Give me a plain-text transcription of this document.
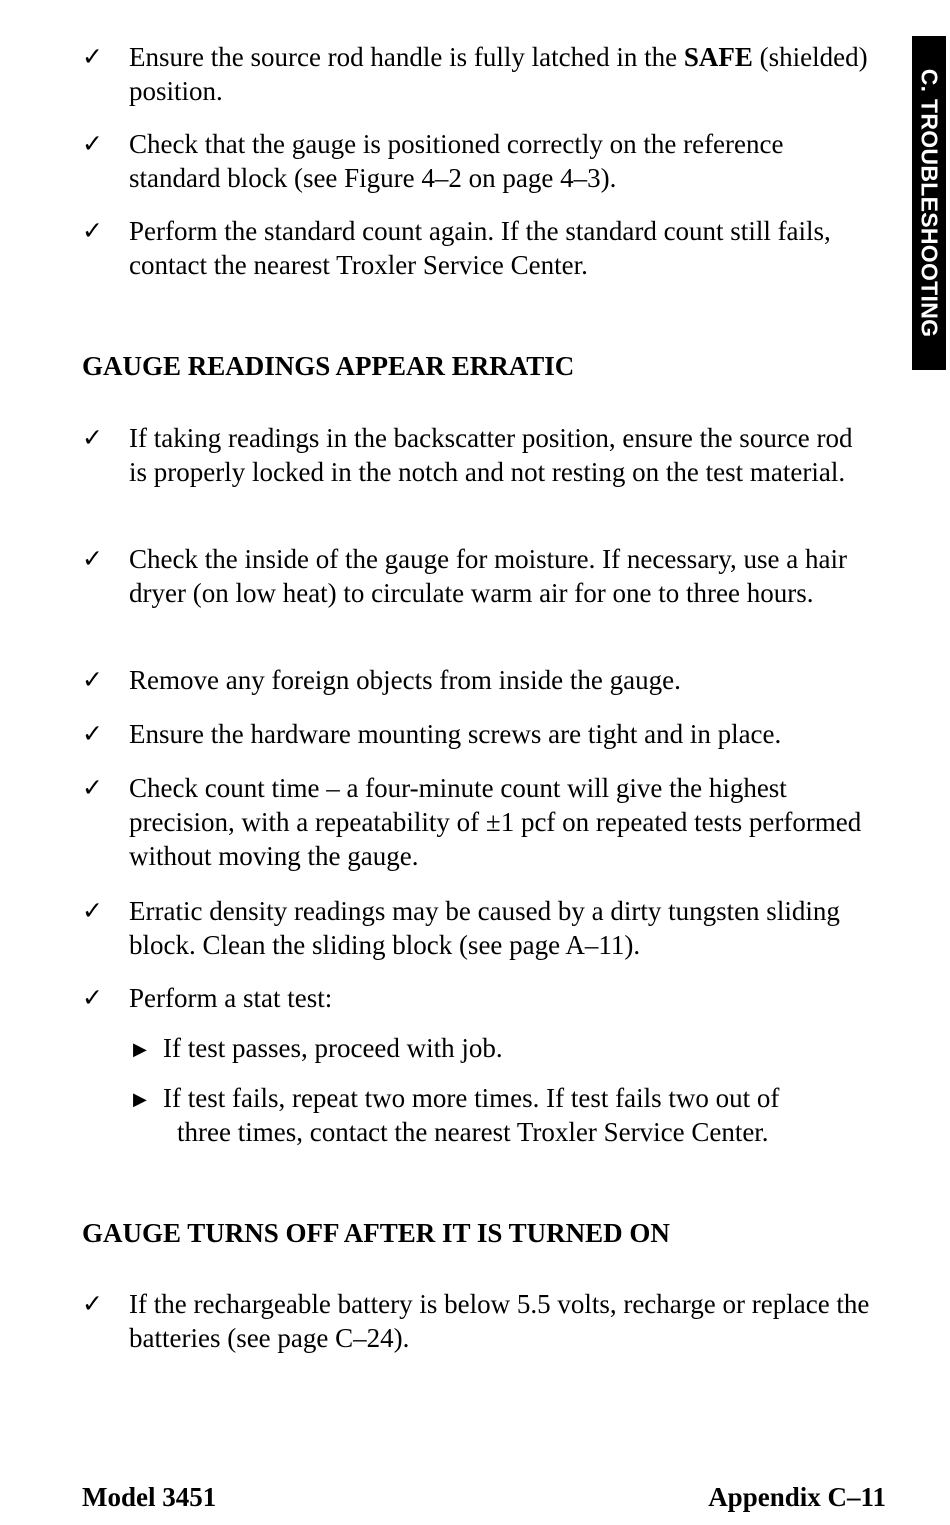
C. TROUBLESHOOTING
✓ Ensure the source rod handle is fully latched in the SAFE (shielded) position.
✓ Check that the gauge is positioned correctly on the reference standard block (see Figure 4–2 on page 4–3).
✓ Perform the standard count again. If the standard count still fails, contact the nearest Troxler Service Center.
GAUGE READINGS APPEAR ERRATIC
✓ If taking readings in the backscatter position, ensure the source rod is properly locked in the notch and not resting on the test material.
✓ Check the inside of the gauge for moisture. If necessary, use a hair dryer (on low heat) to circulate warm air for one to three hours.
✓ Remove any foreign objects from inside the gauge.
✓ Ensure the hardware mounting screws are tight and in place.
✓ Check count time – a four-minute count will give the highest precision, with a repeatability of ±1 pcf on repeated tests performed without moving the gauge.
✓ Erratic density readings may be caused by a dirty tungsten sliding block. Clean the sliding block (see page A–11).
✓ Perform a stat test:
▶ If test passes, proceed with job.
▶ If test fails, repeat two more times. If test fails two out of
three times, contact the nearest Troxler Service Center.
GAUGE TURNS OFF AFTER IT IS TURNED ON
✓ If the rechargeable battery is below 5.5 volts, recharge or replace the batteries (see page C–24).
Model 3451	Appendix C–11
